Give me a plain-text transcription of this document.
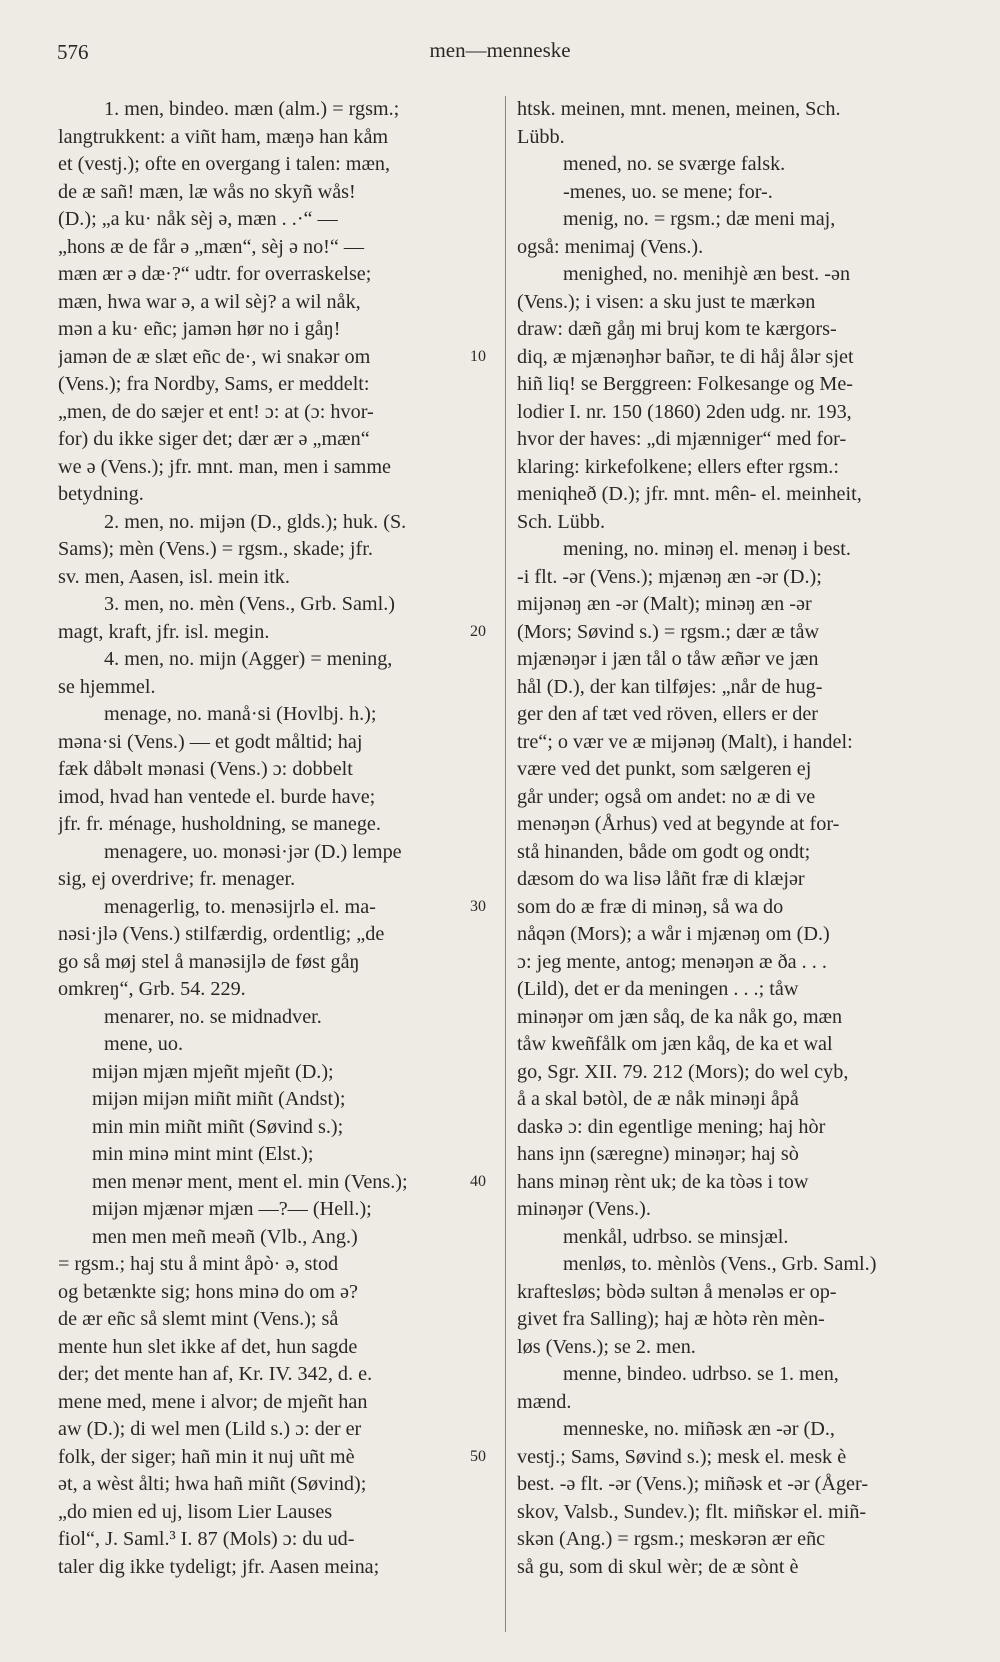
576	men—menneske
1. men, bindeo. mæn (alm.) = rgsm.;
langtrukkent: a viñt ham, mæŋə han kåm
et (vestj.); ofte en overgang i talen: mæn,
de æ sañ! mæn, læ wås no skyñ wås!
(D.); „a ku· nåk sèj ə, mæn . .·“ —
„hons æ de får ə „mæn“, sèj ə no!“ —
mæn ær ə dæ·?“ udtr. for overraskelse;
mæn, hwa war ə, a wil sèj? a wil nåk,
mən a ku· eñc; jamən hør no i gåŋ!
jamən de æ slæt eñc de·, wi snakər om
(Vens.); fra Nordby, Sams, er meddelt:
„men, de do sæjer et ent! ɔ: at (ɔ: hvor-
for) du ikke siger det; dær ær ə „mæn“
we ə (Vens.); jfr. mnt. man, men i samme
betydning.
2. men, no. mijən (D., glds.); huk. (S.
Sams); mèn (Vens.) = rgsm., skade; jfr.
sv. men, Aasen, isl. mein itk.
3. men, no. mèn (Vens., Grb. Saml.)
magt, kraft, jfr. isl. megin.
4. men, no. mijn (Agger) = mening,
se hjemmel.
menage, no. manå·si (Hovlbj. h.);
məna·si (Vens.) — et godt måltid; haj
fæk dåbəlt mənasi (Vens.) ɔ: dobbelt
imod, hvad han ventede el. burde have;
jfr. fr. ménage, husholdning, se manege.
menagere, uo. monəsi·jər (D.) lempe
sig, ej overdrive; fr. menager.
menagerlig, to. menəsijrlə el. ma-
nəsi·jlə (Vens.) stilfærdig, ordentlig; „de
go så møj stel å manəsijlə de føst gåŋ
omkreŋ“, Grb. 54. 229.
menarer, no. se midnadver.
mene, uo.
mijən mjæn mjeñt mjeñt (D.);
mijən mijən miñt miñt (Andst);
min min miñt miñt (Søvind s.);
min minə mint mint (Elst.);
men menər ment, ment el. min (Vens.);
mijən mjænər mjæn —?— (Hell.);
men men meñ meəñ (Vlb., Ang.)
= rgsm.; haj stu å mint åpò· ə, stod
og betænkte sig; hons minə do om ə?
de ær eñc så slemt mint (Vens.); så
mente hun slet ikke af det, hun sagde
der; det mente han af, Kr. IV. 342, d. e.
mene med, mene i alvor; de mjeñt han
aw (D.); di wel men (Lild s.) ɔ: der er
folk, der siger; hañ min it nuj uñt mè
ət, a wèst ålti; hwa hañ miñt (Søvind);
„do mien ed uj, lisom Lier Lauses
fiol“, J. Saml.³ I. 87 (Mols) ɔ: du ud-
taler dig ikke tydeligt; jfr. Aasen meina;
htsk. meinen, mnt. menen, meinen, Sch.
Lübb.
mened, no. se sværge falsk.
-menes, uo. se mene; for-.
menig, no. = rgsm.; dæ meni maj,
også: menimaj (Vens.).
menighed, no. menihjè æn best. -ən
(Vens.); i visen: a sku just te mærkən
draw: dæñ gåŋ mi bruj kom te kærgors-
diq, æ mjænəŋhər bañər, te di håj ålər sjet
hiñ liq! se Berggreen: Folkesange og Me-
lodier I. nr. 150 (1860) 2den udg. nr. 193,
hvor der haves: „di mjænniger“ med for-
klaring: kirkefolkene; ellers efter rgsm.:
meniqheð (D.); jfr. mnt. mên- el. meinheit,
Sch. Lübb.
mening, no. minəŋ el. menəŋ i best.
-i flt. -ər (Vens.); mjænəŋ æn -ər (D.);
mijənəŋ æn -ər (Malt); minəŋ æn -ər
(Mors; Søvind s.) = rgsm.; dær æ tåw
mjænəŋər i jæn tål o tåw æñər ve jæn
hål (D.), der kan tilføjes: „når de hug-
ger den af tæt ved röven, ellers er der
tre“; o vær ve æ mijənəŋ (Malt), i handel:
være ved det punkt, som sælgeren ej
går under; også om andet: no æ di ve
menəŋən (Århus) ved at begynde at for-
stå hinanden, både om godt og ondt;
dæsom do wa lisə låñt fræ di klæjər
som do æ fræ di minəŋ, så wa do
nåqən (Mors); a wår i mjænəŋ om (D.)
ɔ: jeg mente, antog; menəŋən æ ða . . .
(Lild), det er da meningen . . .; tåw
minəŋər om jæn såq, de ka nåk go, mæn
tåw kweñfålk om jæn kåq, de ka et wal
go, Sgr. XII. 79. 212 (Mors); do wel cyb,
å a skal bətòl, de æ nåk minəŋi åpå
daskə ɔ: din egentlige mening; haj hòr
hans iɲn (særegne) minəŋər; haj sò
hans minəŋ rènt uk; de ka tòəs i tow
minəŋər (Vens.).
menkål, udrbso. se minsjæl.
menløs, to. mènlòs (Vens., Grb. Saml.)
kraftesløs; bòdə sultən å menələs er op-
givet fra Salling); haj æ hòtə rèn mèn-
løs (Vens.); se 2. men.
menne, bindeo. udrbso. se 1. men,
mænd.
menneske, no. miñəsk æn -ər (D.,
vestj.; Sams, Søvind s.); mesk el. mesk è
best. -ə flt. -ər (Vens.); miñəsk et -ər (Åger-
skov, Valsb., Sundev.); flt. miñskər el. miñ-
skən (Ang.) = rgsm.; meskərən ær eñc
så gu, som di skul wèr; de æ sònt è
10
20
30
40
50
